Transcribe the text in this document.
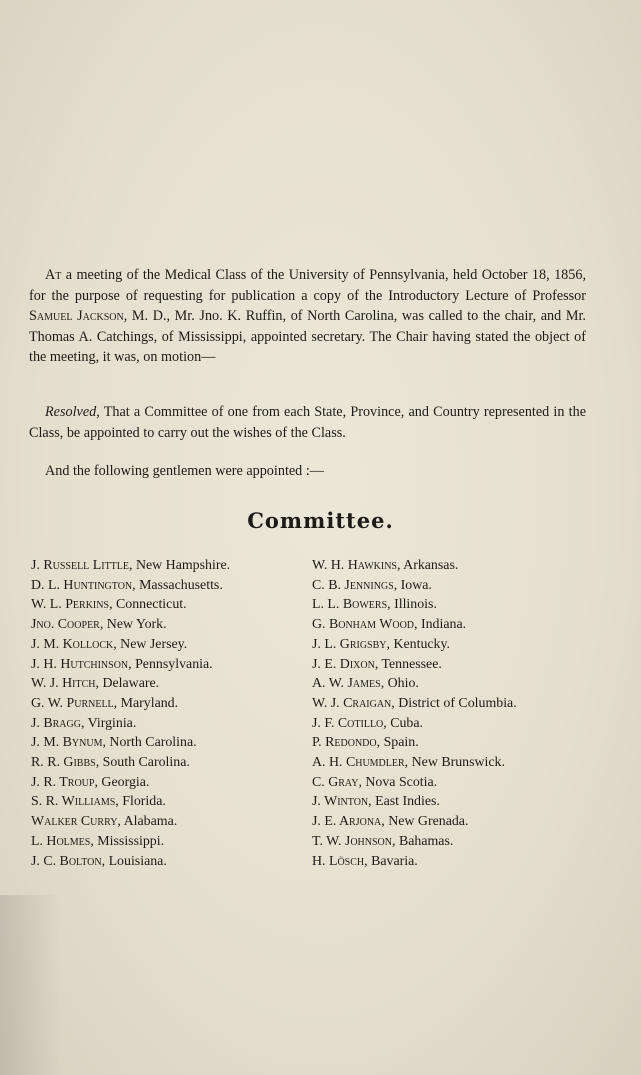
At a meeting of the Medical Class of the University of Pennsylvania, held October 18, 1856, for the purpose of requesting for publication a copy of the Introductory Lecture of Professor Samuel Jackson, M. D., Mr. Jno. K. Ruffin, of North Carolina, was called to the chair, and Mr. Thomas A. Catchings, of Mississippi, appointed secretary. The Chair having stated the object of the meeting, it was, on motion—

Resolved, That a Committee of one from each State, Province, and Country represented in the Class, be appointed to carry out the wishes of the Class.

And the following gentlemen were appointed :—

Committee.
J. Russell Little, New Hampshire.
D. L. Huntington, Massachusetts.
W. L. Perkins, Connecticut.
Jno. Cooper, New York.
J. M. Kollock, New Jersey.
J. H. Hutchinson, Pennsylvania.
W. J. Hitch, Delaware.
G. W. Purnell, Maryland.
J. Bragg, Virginia.
J. M. Bynum, North Carolina.
R. R. Gibbs, South Carolina.
J. R. Troup, Georgia.
S. R. Williams, Florida.
Walker Curry, Alabama.
L. Holmes, Mississippi.
J. C. Bolton, Louisiana.
W. H. Hawkins, Arkansas.
C. B. Jennings, Iowa.
L. L. Bowers, Illinois.
G. Bonham Wood, Indiana.
J. L. Grigsby, Kentucky.
J. E. Dixon, Tennessee.
A. W. James, Ohio.
W. J. Craigan, District of Columbia.
J. F. Cotillo, Cuba.
P. Redondo, Spain.
A. H. Chumdler, New Brunswick.
C. Gray, Nova Scotia.
J. Winton, East Indies.
J. E. Arjona, New Grenada.
T. W. Johnson, Bahamas.
H. Lösch, Bavaria.
